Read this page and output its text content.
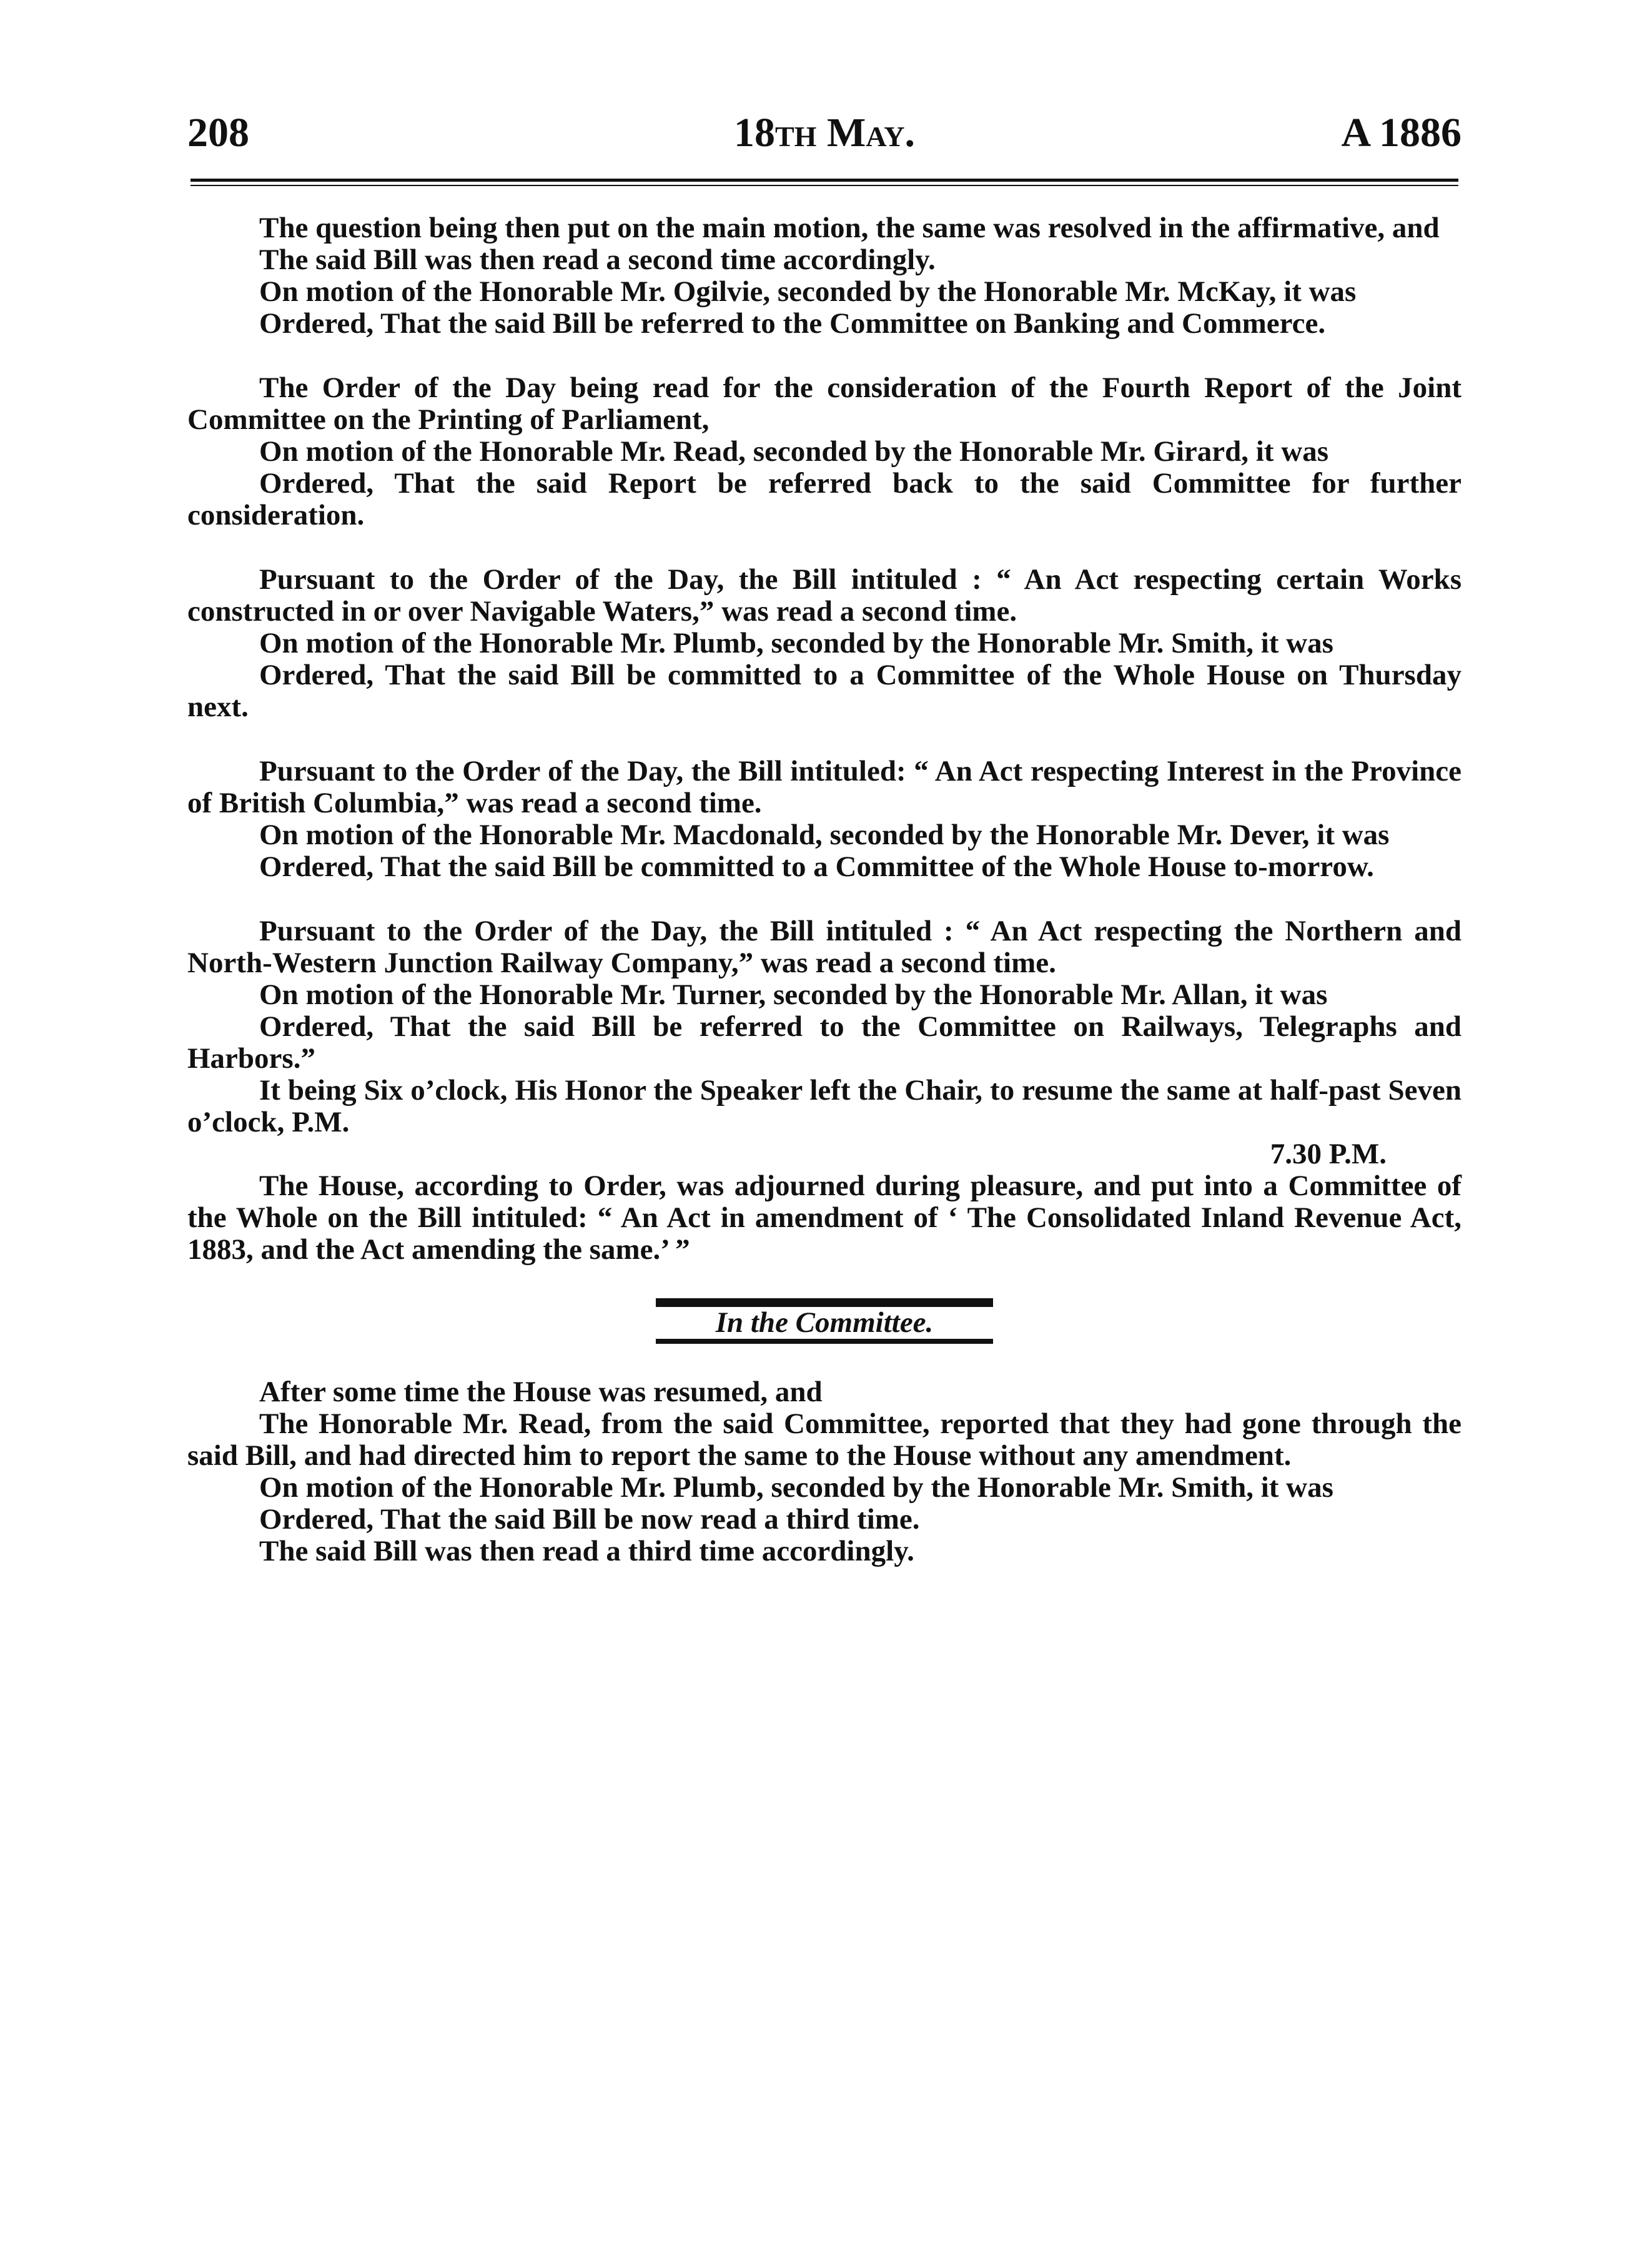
208	18th May.	A 1886

The question being then put on the main motion, the same was resolved in the affirmative, and

The said Bill was then read a second time accordingly.

On motion of the Honorable Mr. Ogilvie, seconded by the Honorable Mr. McKay, it was

Ordered, That the said Bill be referred to the Committee on Banking and Commerce.

The Order of the Day being read for the consideration of the Fourth Report of the Joint Committee on the Printing of Parliament,

On motion of the Honorable Mr. Read, seconded by the Honorable Mr. Girard, it was

Ordered, That the said Report be referred back to the said Committee for further consideration.

Pursuant to the Order of the Day, the Bill intituled : “ An Act respecting certain Works constructed in or over Navigable Waters,” was read a second time.

On motion of the Honorable Mr. Plumb, seconded by the Honorable Mr. Smith, it was

Ordered, That the said Bill be committed to a Committee of the Whole House on Thursday next.

Pursuant to the Order of the Day, the Bill intituled: “ An Act respecting Interest in the Province of British Columbia,” was read a second time.

On motion of the Honorable Mr. Macdonald, seconded by the Honorable Mr. Dever, it was

Ordered, That the said Bill be committed to a Committee of the Whole House to-morrow.

Pursuant to the Order of the Day, the Bill intituled : “ An Act respecting the Northern and North-Western Junction Railway Company,” was read a second time.

On motion of the Honorable Mr. Turner, seconded by the Honorable Mr. Allan, it was

Ordered, That the said Bill be referred to the Committee on Railways, Telegraphs and Harbors.”

It being Six o’clock, His Honor the Speaker left the Chair, to resume the same at half-past Seven o’clock, P.M.

7.30 P.M.

The House, according to Order, was adjourned during pleasure, and put into a Committee of the Whole on the Bill intituled: “ An Act in amendment of ‘ The Consolidated Inland Revenue Act, 1883, and the Act amending the same.’ ”

In the Committee.

After some time the House was resumed, and

The Honorable Mr. Read, from the said Committee, reported that they had gone through the said Bill, and had directed him to report the same to the House without any amendment.

On motion of the Honorable Mr. Plumb, seconded by the Honorable Mr. Smith, it was

Ordered, That the said Bill be now read a third time.

The said Bill was then read a third time accordingly.
